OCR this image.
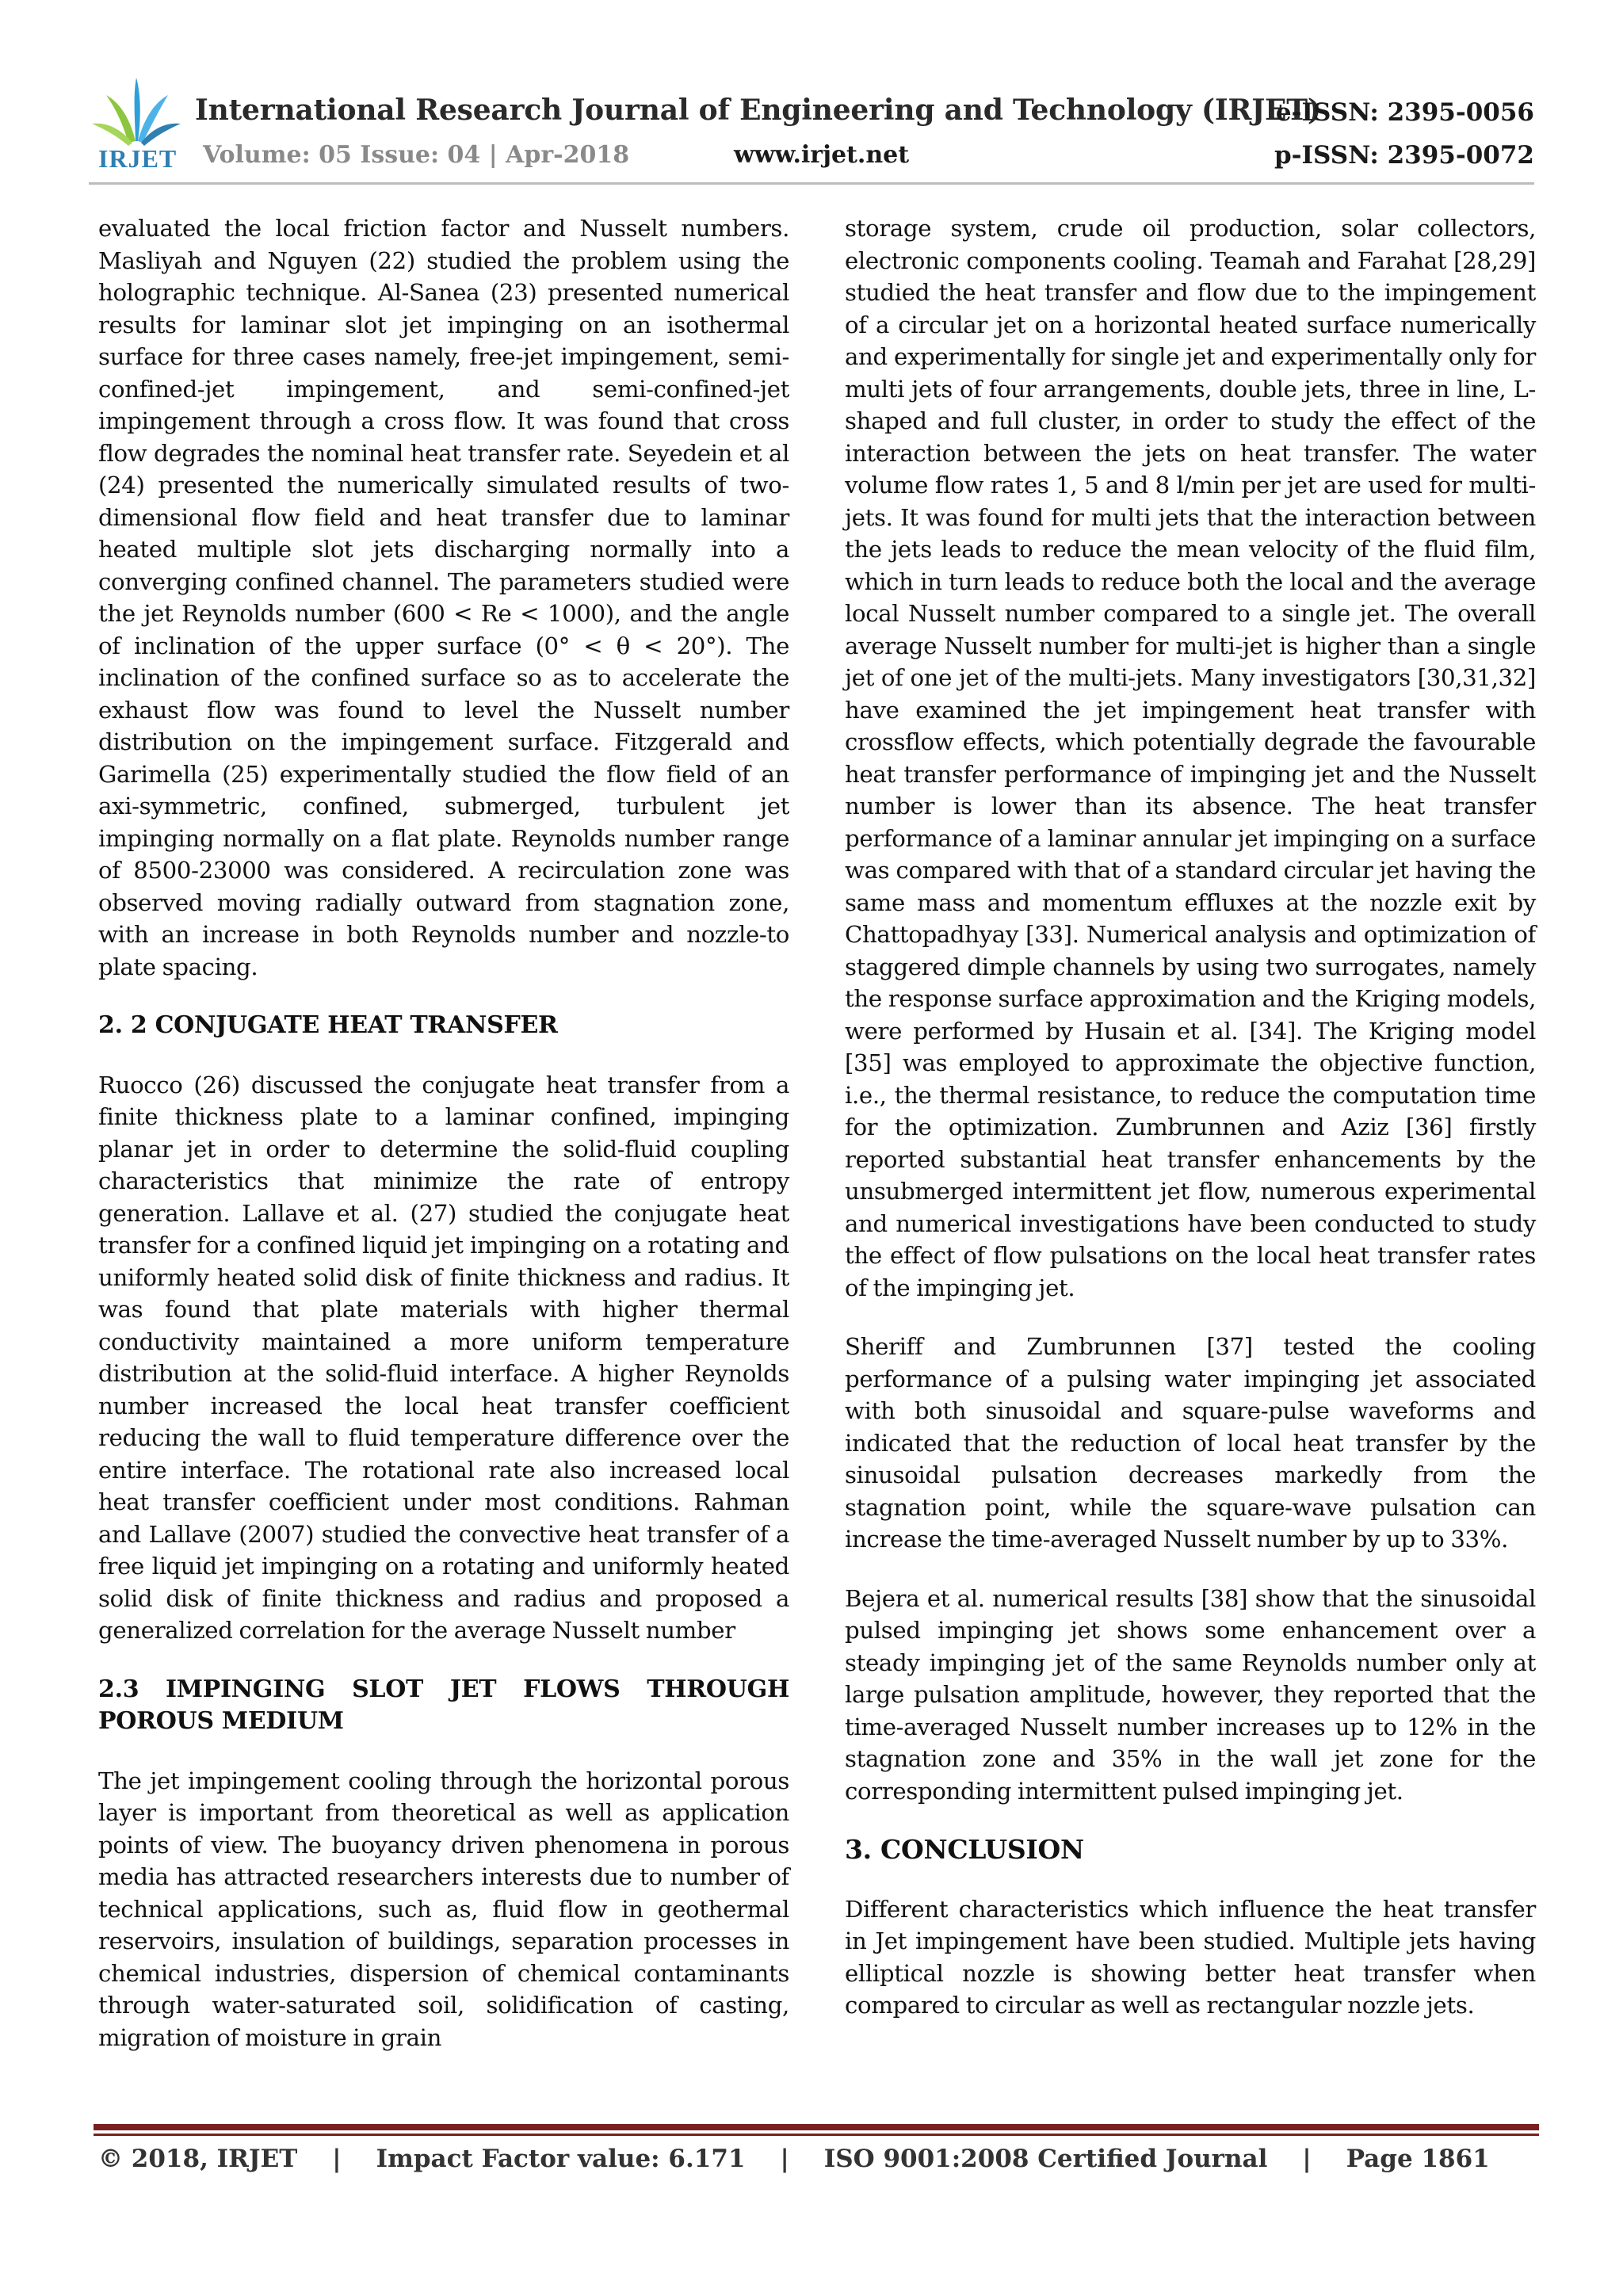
IRJET
International Research Journal of Engineering and Technology (IRJET)
e-ISSN: 2395-0056
Volume: 05 Issue: 04 | Apr-2018	www.irjet.net	p-ISSN: 2395-0072

evaluated the local friction factor and Nusselt numbers. Masliyah and Nguyen (22) studied the problem using the holographic technique. Al-Sanea (23) presented numerical results for laminar slot jet impinging on an isothermal surface for three cases namely, free-jet impingement, semi-confined-jet impingement, and semi-confined-jet impingement through a cross flow. It was found that cross flow degrades the nominal heat transfer rate. Seyedein et al (24) presented the numerically simulated results of two-dimensional flow field and heat transfer due to laminar heated multiple slot jets discharging normally into a converging confined channel. The parameters studied were the jet Reynolds number (600 < Re < 1000), and the angle of inclination of the upper surface (0° < θ < 20°). The inclination of the confined surface so as to accelerate the exhaust flow was found to level the Nusselt number distribution on the impingement surface. Fitzgerald and Garimella (25) experimentally studied the flow field of an axi-symmetric, confined, submerged, turbulent jet impinging normally on a flat plate. Reynolds number range of 8500-23000 was considered. A recirculation zone was observed moving radially outward from stagnation zone, with an increase in both Reynolds number and nozzle-to plate spacing.

2. 2 CONJUGATE HEAT TRANSFER

Ruocco (26) discussed the conjugate heat transfer from a finite thickness plate to a laminar confined, impinging planar jet in order to determine the solid-fluid coupling characteristics that minimize the rate of entropy generation. Lallave et al. (27) studied the conjugate heat transfer for a confined liquid jet impinging on a rotating and uniformly heated solid disk of finite thickness and radius. It was found that plate materials with higher thermal conductivity maintained a more uniform temperature distribution at the solid-fluid interface. A higher Reynolds number increased the local heat transfer coefficient reducing the wall to fluid temperature difference over the entire interface. The rotational rate also increased local heat transfer coefficient under most conditions. Rahman and Lallave (2007) studied the convective heat transfer of a free liquid jet impinging on a rotating and uniformly heated solid disk of finite thickness and radius and proposed a generalized correlation for the average Nusselt number

2.3 IMPINGING SLOT JET FLOWS THROUGH POROUS MEDIUM

The jet impingement cooling through the horizontal porous layer is important from theoretical as well as application points of view. The buoyancy driven phenomena in porous media has attracted researchers interests due to number of technical applications, such as, fluid flow in geothermal reservoirs, insulation of buildings, separation processes in chemical industries, dispersion of chemical contaminants through water-saturated soil, solidification of casting, migration of moisture in grain

storage system, crude oil production, solar collectors, electronic components cooling. Teamah and Farahat [28,29] studied the heat transfer and flow due to the impingement of a circular jet on a horizontal heated surface numerically and experimentally for single jet and experimentally only for multi jets of four arrangements, double jets, three in line, L-shaped and full cluster, in order to study the effect of the interaction between the jets on heat transfer. The water volume flow rates 1, 5 and 8 l/min per jet are used for multi-jets. It was found for multi jets that the interaction between the jets leads to reduce the mean velocity of the fluid film, which in turn leads to reduce both the local and the average local Nusselt number compared to a single jet. The overall average Nusselt number for multi-jet is higher than a single jet of one jet of the multi-jets. Many investigators [30,31,32] have examined the jet impingement heat transfer with crossflow effects, which potentially degrade the favourable heat transfer performance of impinging jet and the Nusselt number is lower than its absence. The heat transfer performance of a laminar annular jet impinging on a surface was compared with that of a standard circular jet having the same mass and momentum effluxes at the nozzle exit by Chattopadhyay [33]. Numerical analysis and optimization of staggered dimple channels by using two surrogates, namely the response surface approximation and the Kriging models, were performed by Husain et al. [34]. The Kriging model [35] was employed to approximate the objective function, i.e., the thermal resistance, to reduce the computation time for the optimization. Zumbrunnen and Aziz [36] firstly reported substantial heat transfer enhancements by the unsubmerged intermittent jet flow, numerous experimental and numerical investigations have been conducted to study the effect of flow pulsations on the local heat transfer rates of the impinging jet.

Sheriff and Zumbrunnen [37] tested the cooling performance of a pulsing water impinging jet associated with both sinusoidal and square-pulse waveforms and indicated that the reduction of local heat transfer by the sinusoidal pulsation decreases markedly from the stagnation point, while the square-wave pulsation can increase the time-averaged Nusselt number by up to 33%.

Bejera et al. numerical results [38] show that the sinusoidal pulsed impinging jet shows some enhancement over a steady impinging jet of the same Reynolds number only at large pulsation amplitude, however, they reported that the time-averaged Nusselt number increases up to 12% in the stagnation zone and 35% in the wall jet zone for the corresponding intermittent pulsed impinging jet.

3. CONCLUSION

Different characteristics which influence the heat transfer in Jet impingement have been studied. Multiple jets having elliptical nozzle is showing better heat transfer when compared to circular as well as rectangular nozzle jets.

© 2018, IRJET | Impact Factor value: 6.171 | ISO 9001:2008 Certified Journal | Page 1861
